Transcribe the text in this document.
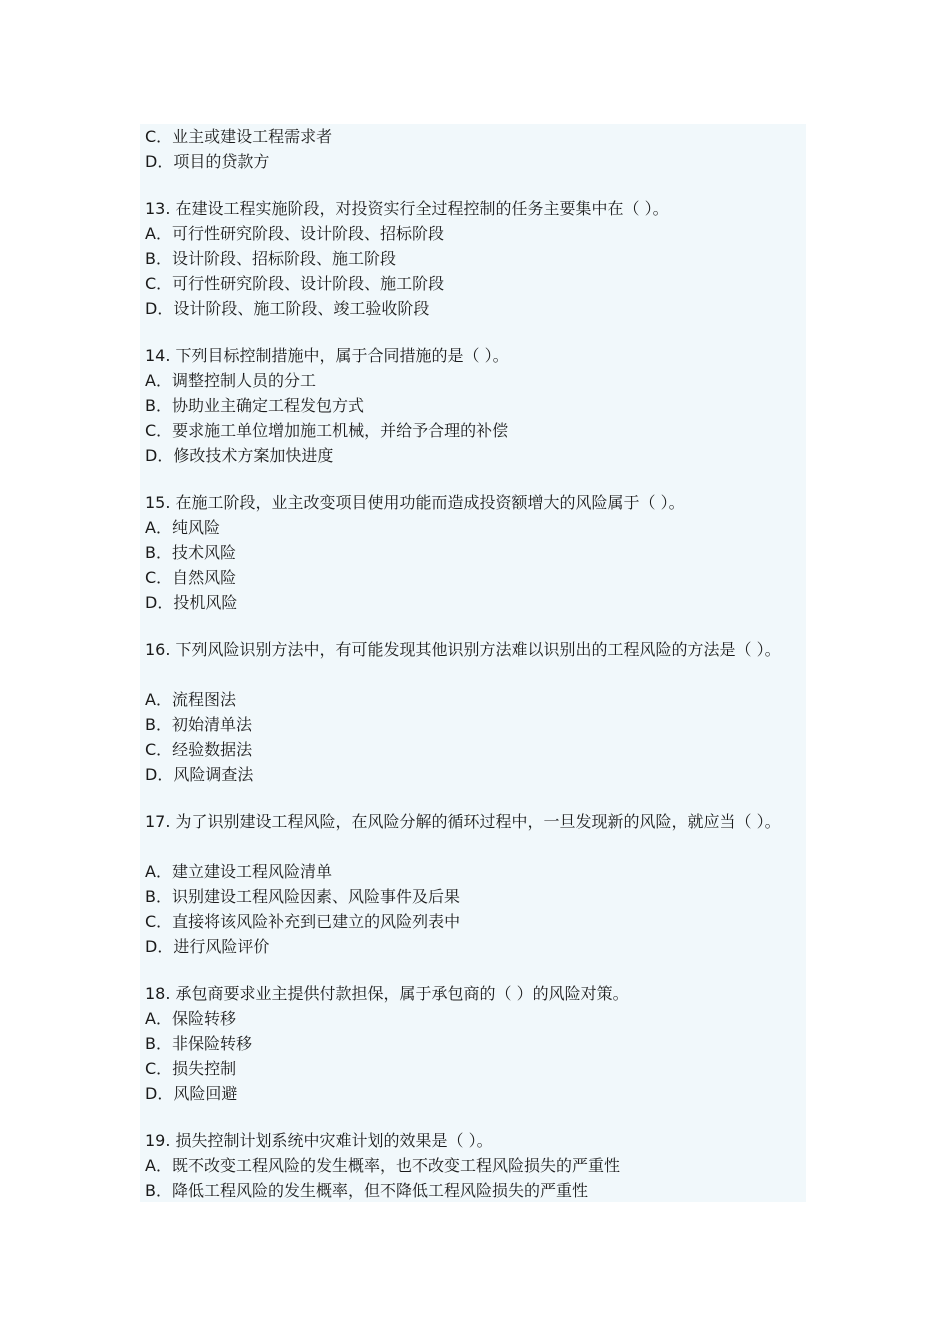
C．业主或建设工程需求者
D．项目的贷款方
13. 在建设工程实施阶段，对投资实行全过程控制的任务主要集中在（ ）。
A．可行性研究阶段、设计阶段、招标阶段
B．设计阶段、招标阶段、施工阶段
C．可行性研究阶段、设计阶段、施工阶段
D．设计阶段、施工阶段、竣工验收阶段
14. 下列目标控制措施中，属于合同措施的是（ ）。
A．调整控制人员的分工
B．协助业主确定工程发包方式
C．要求施工单位增加施工机械，并给予合理的补偿
D．修改技术方案加快进度
15. 在施工阶段，业主改变项目使用功能而造成投资额增大的风险属于（ ）。
A．纯风险
B．技术风险
C．自然风险
D．投机风险
16. 下列风险识别方法中，有可能发现其他识别方法难以识别出的工程风险的方法是（ ）。
A．流程图法
B．初始清单法
C．经验数据法
D．风险调查法
17. 为了识别建设工程风险，在风险分解的循环过程中，一旦发现新的风险，就应当（ ）。
A．建立建设工程风险清单
B．识别建设工程风险因素、风险事件及后果
C．直接将该风险补充到已建立的风险列表中
D．进行风险评价
18. 承包商要求业主提供付款担保，属于承包商的（ ）的风险对策。
A．保险转移
B．非保险转移
C．损失控制
D．风险回避
19. 损失控制计划系统中灾难计划的效果是（ ）。
A．既不改变工程风险的发生概率，也不改变工程风险损失的严重性
B．降低工程风险的发生概率，但不降低工程风险损失的严重性
